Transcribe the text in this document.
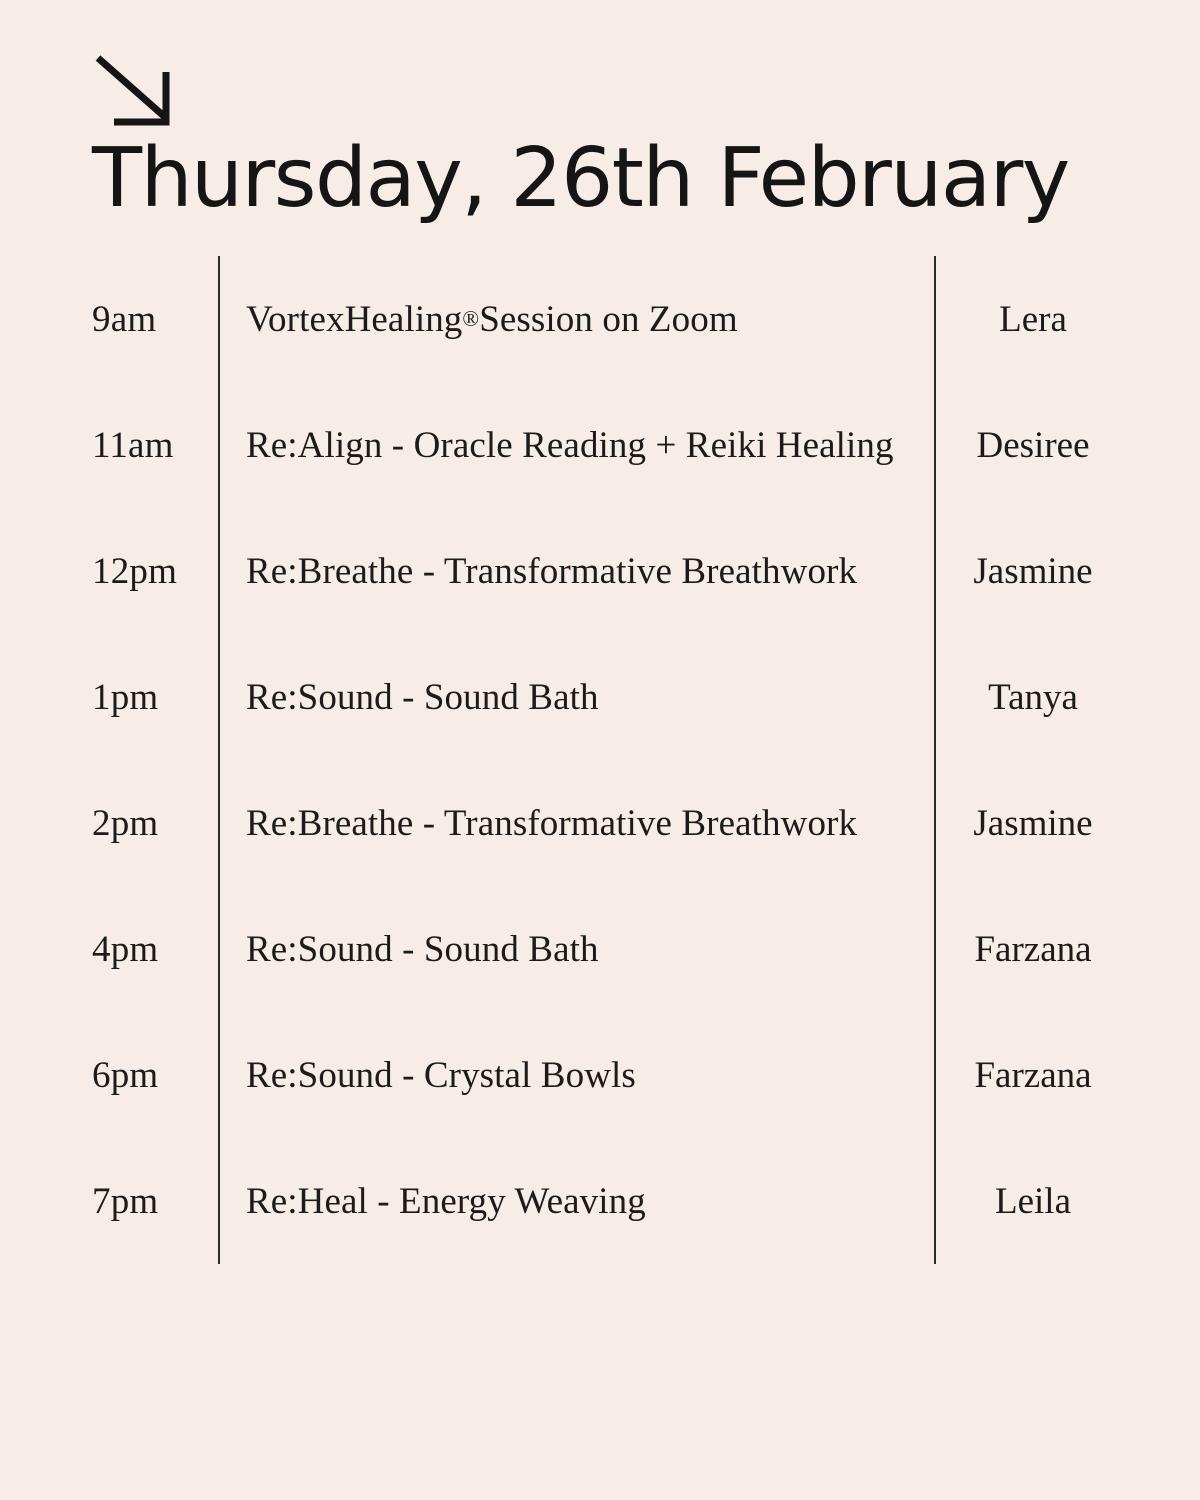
Thursday, 26th February
9am	VortexHealing ® Session on Zoom	Lera
11am	Re:Align - Oracle Reading + Reiki Healing	Desiree
12pm	Re:Breathe - Transformative Breathwork	Jasmine
1pm	Re:Sound - Sound Bath	Tanya
2pm	Re:Breathe - Transformative Breathwork	Jasmine
4pm	Re:Sound - Sound Bath	Farzana
6pm	Re:Sound - Crystal Bowls	Farzana
7pm	Re:Heal - Energy Weaving	Leila
